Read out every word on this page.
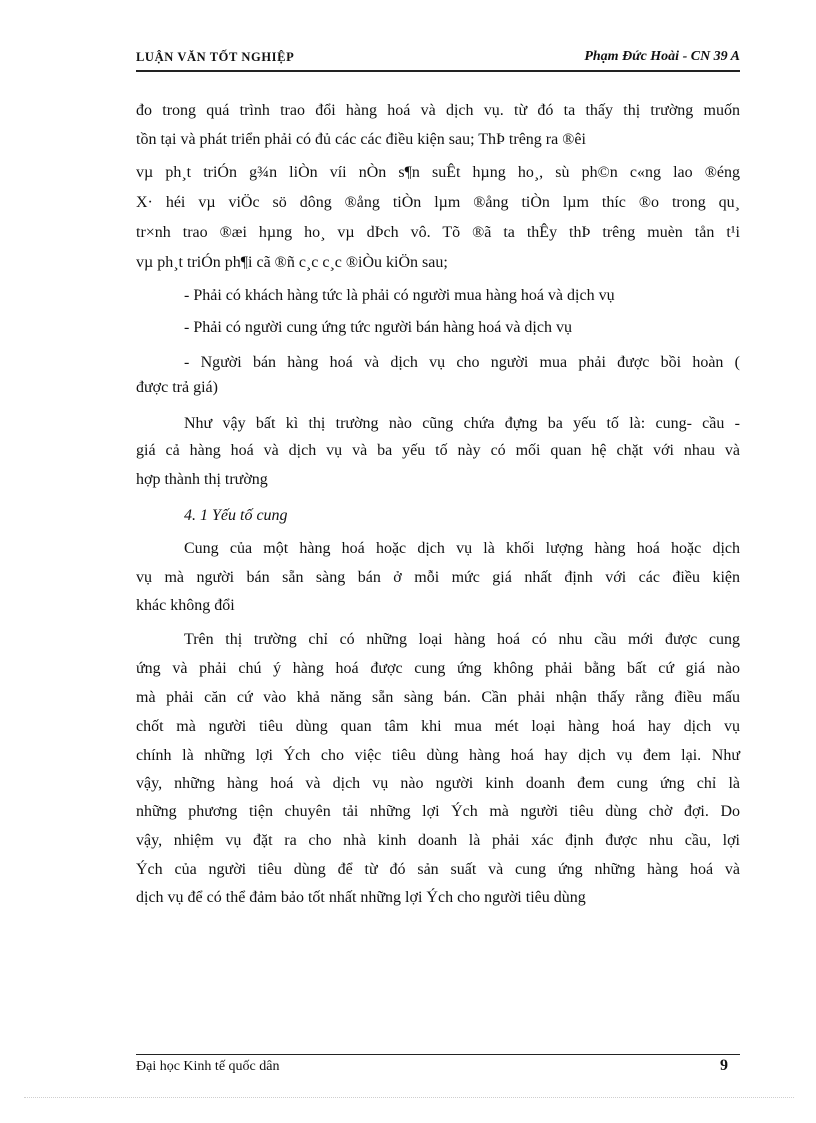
LUẬN VĂN TỐT NGHIỆP	Phạm Đức Hoài - CN 39 A
đo trong quá trình trao đổi hàng hoá và dịch vụ. từ đó ta thấy thị trường muốn
tồn tại và phát triển phải có đủ các các điều kiện sau; ThÞ trêng ra ®êi
vµ ph¸t triÓn g¾n liÒn víi nÒn s¶n suÊt hµng ho¸, sù ph©n c«ng lao ®éng
X· héi vµ viÖc sö dông ®ång tiÒn lµm ®ång tiÒn lµm thíc ®o trong qu¸
tr×nh trao ®æi hµng ho¸ vµ dÞch vô. Tõ ®ã ta thÊy thÞ trêng muèn tån t¹i
vµ ph¸t triÓn ph¶i cã ®ñ c¸c c¸c ®iÒu kiÖn sau;
- Phải có khách hàng tức là phải có người mua hàng hoá và dịch vụ
- Phải có người cung ứng tức người bán hàng hoá và dịch vụ
- Người bán hàng hoá và dịch vụ cho người mua phải được bồi hoàn (
được trả giá)
Như vậy bất kì thị trường nào cũng chứa đựng ba yếu tố là: cung- cầu -
giá cả hàng hoá và dịch vụ và ba yếu tố này có mối quan hệ chặt với nhau và
hợp thành thị trường
4. 1 Yếu tố cung
Cung của một hàng hoá hoặc dịch vụ là khối lượng hàng hoá hoặc dịch
vụ mà người bán sẵn sàng bán ở mỗi mức giá nhất định với các điều kiện
khác không đổi
Trên thị trường chỉ có những loại hàng hoá có nhu cầu mới được cung
ứng và phải chú ý hàng hoá được cung ứng không phải bằng bất cứ giá nào
mà phải căn cứ vào khả năng sẵn sàng bán. Cần phải nhận thấy rằng điều mấu
chốt mà người tiêu dùng quan tâm khi mua mét loại hàng hoá hay dịch vụ
chính là những lợi Ých cho việc tiêu dùng hàng hoá hay dịch vụ đem lại. Như
vậy, những hàng hoá và dịch vụ nào người kinh doanh đem cung ứng chỉ là
những phương tiện chuyên tải những lợi Ých mà người tiêu dùng chờ đợi. Do
vậy, nhiệm vụ đặt ra cho nhà kinh doanh là phải xác định được nhu cầu, lợi
Ých của người tiêu dùng để từ đó sản suất và cung ứng những hàng hoá và
dịch vụ để có thể đảm bảo tốt nhất những lợi Ých cho người tiêu dùng
Đại học Kinh tế quốc dân	9
